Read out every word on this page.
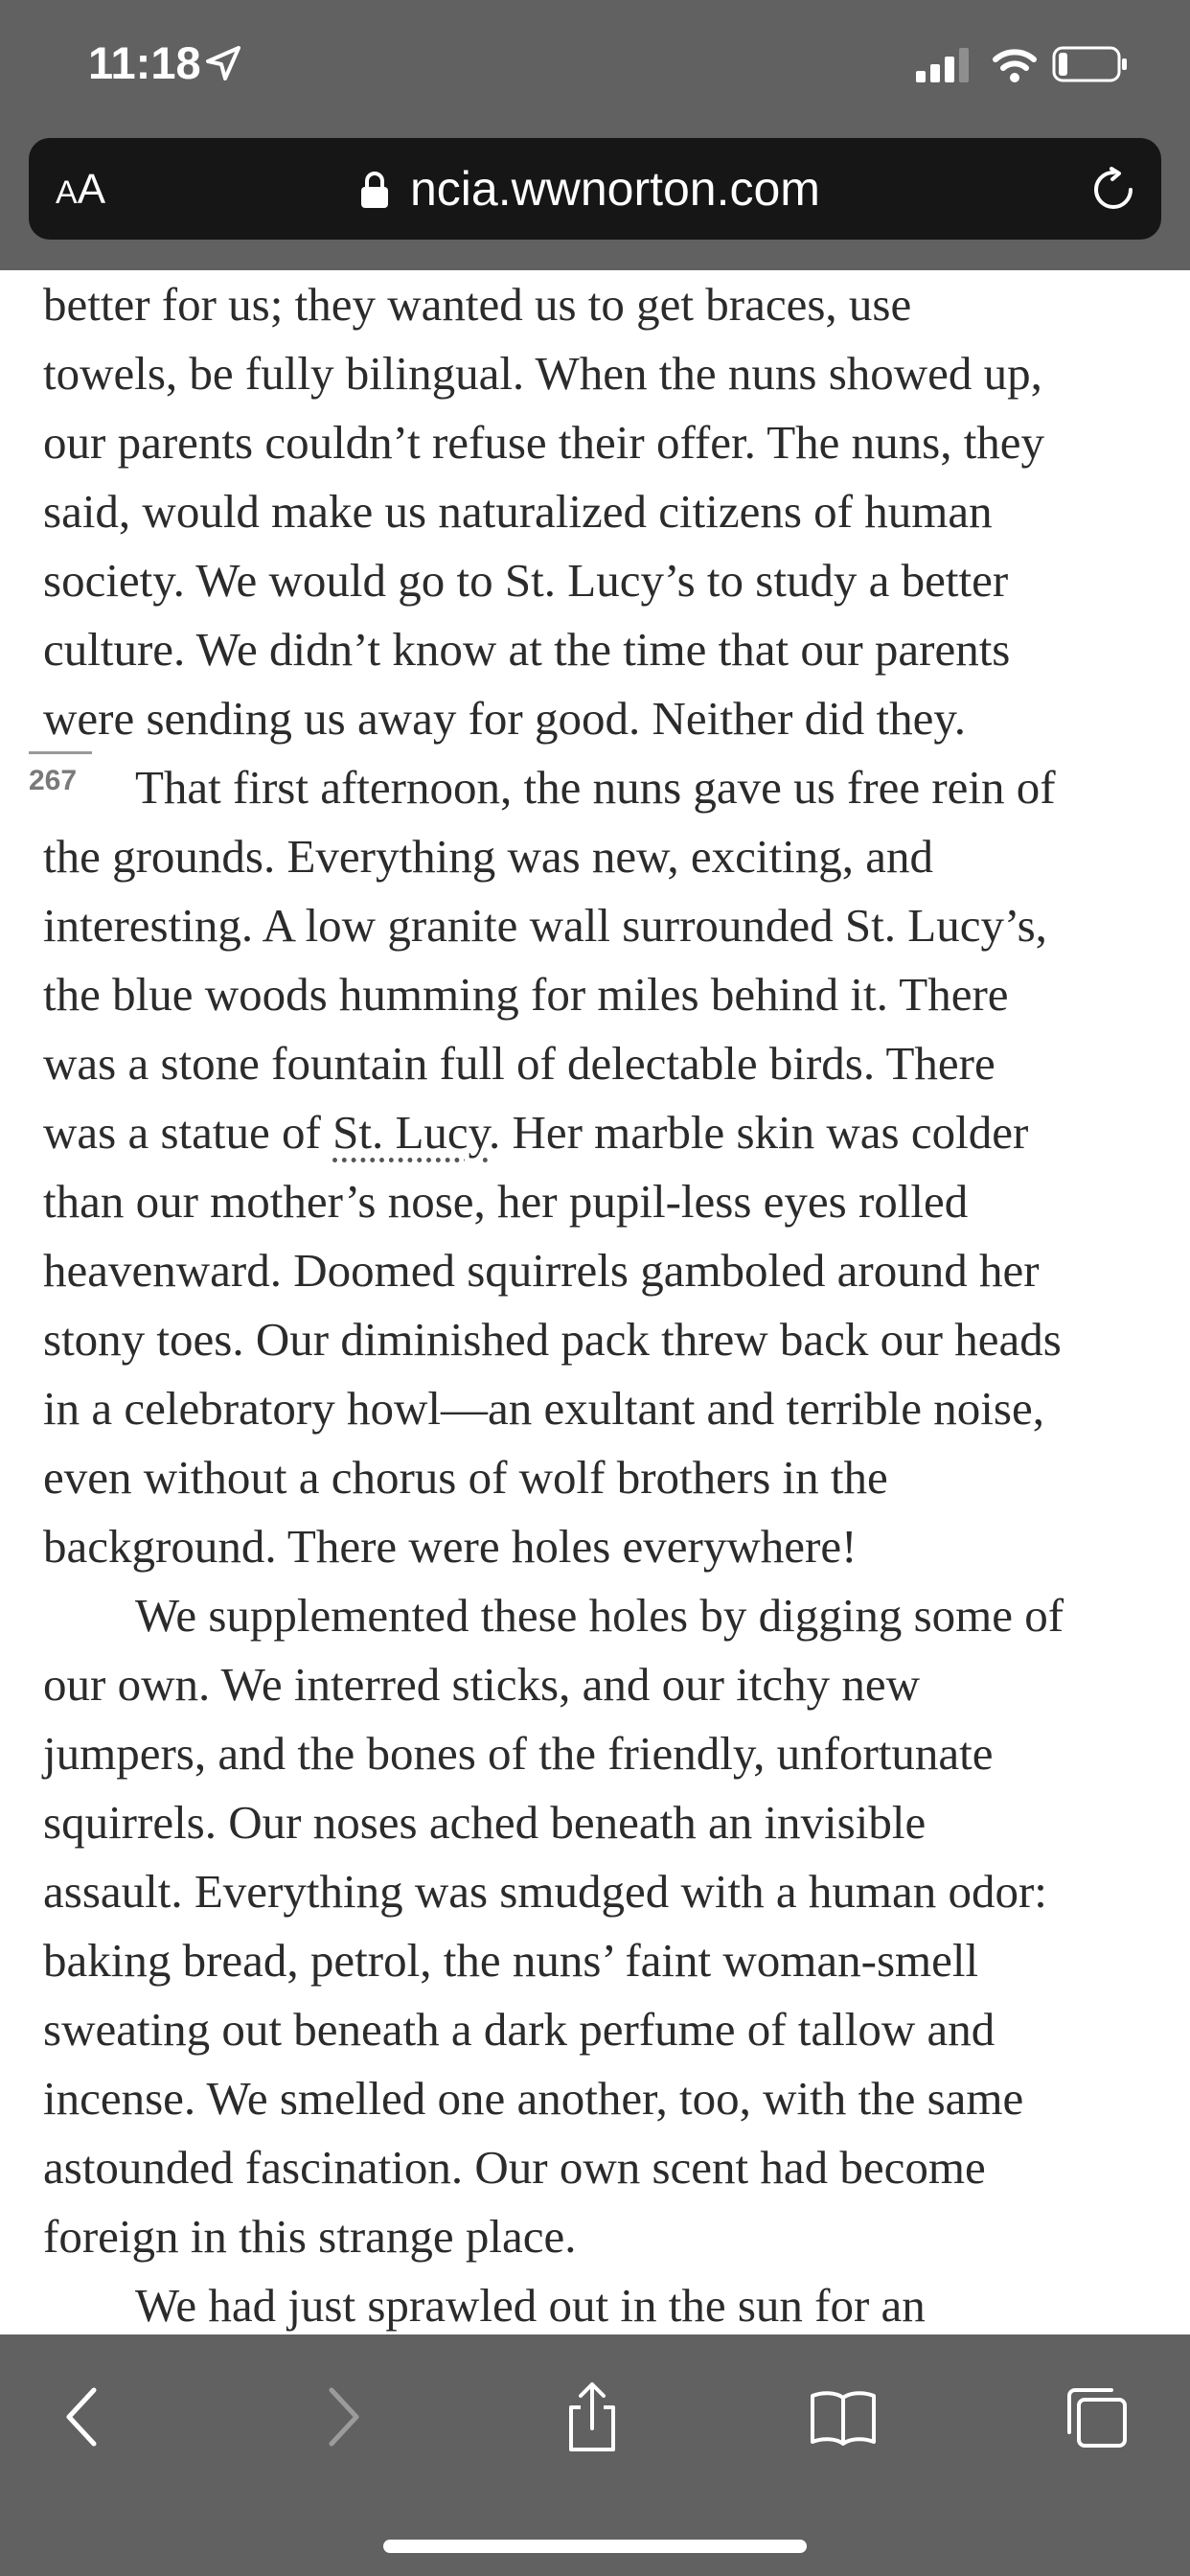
11:18
AA	ncia.wwnorton.com
better for us; they wanted us to get braces, use
towels, be fully bilingual. When the nuns showed up,
our parents couldn’t refuse their offer. The nuns, they
said, would make us naturalized citizens of human
society. We would go to St. Lucy’s to study a better
culture. We didn’t know at the time that our parents
were sending us away for good. Neither did they.
267 That first afternoon, the nuns gave us free rein of
the grounds. Everything was new, exciting, and
interesting. A low granite wall surrounded St. Lucy’s,
the blue woods humming for miles behind it. There
was a stone fountain full of delectable birds. There
was a statue of St. Lucy. Her marble skin was colder
than our mother’s nose, her pupil-less eyes rolled
heavenward. Doomed squirrels gamboled around her
stony toes. Our diminished pack threw back our heads
in a celebratory howl—an exultant and terrible noise,
even without a chorus of wolf brothers in the
background. There were holes everywhere!
We supplemented these holes by digging some of
our own. We interred sticks, and our itchy new
jumpers, and the bones of the friendly, unfortunate
squirrels. Our noses ached beneath an invisible
assault. Everything was smudged with a human odor:
baking bread, petrol, the nuns’ faint woman-smell
sweating out beneath a dark perfume of tallow and
incense. We smelled one another, too, with the same
astounded fascination. Our own scent had become
foreign in this strange place.
We had just sprawled out in the sun for an
